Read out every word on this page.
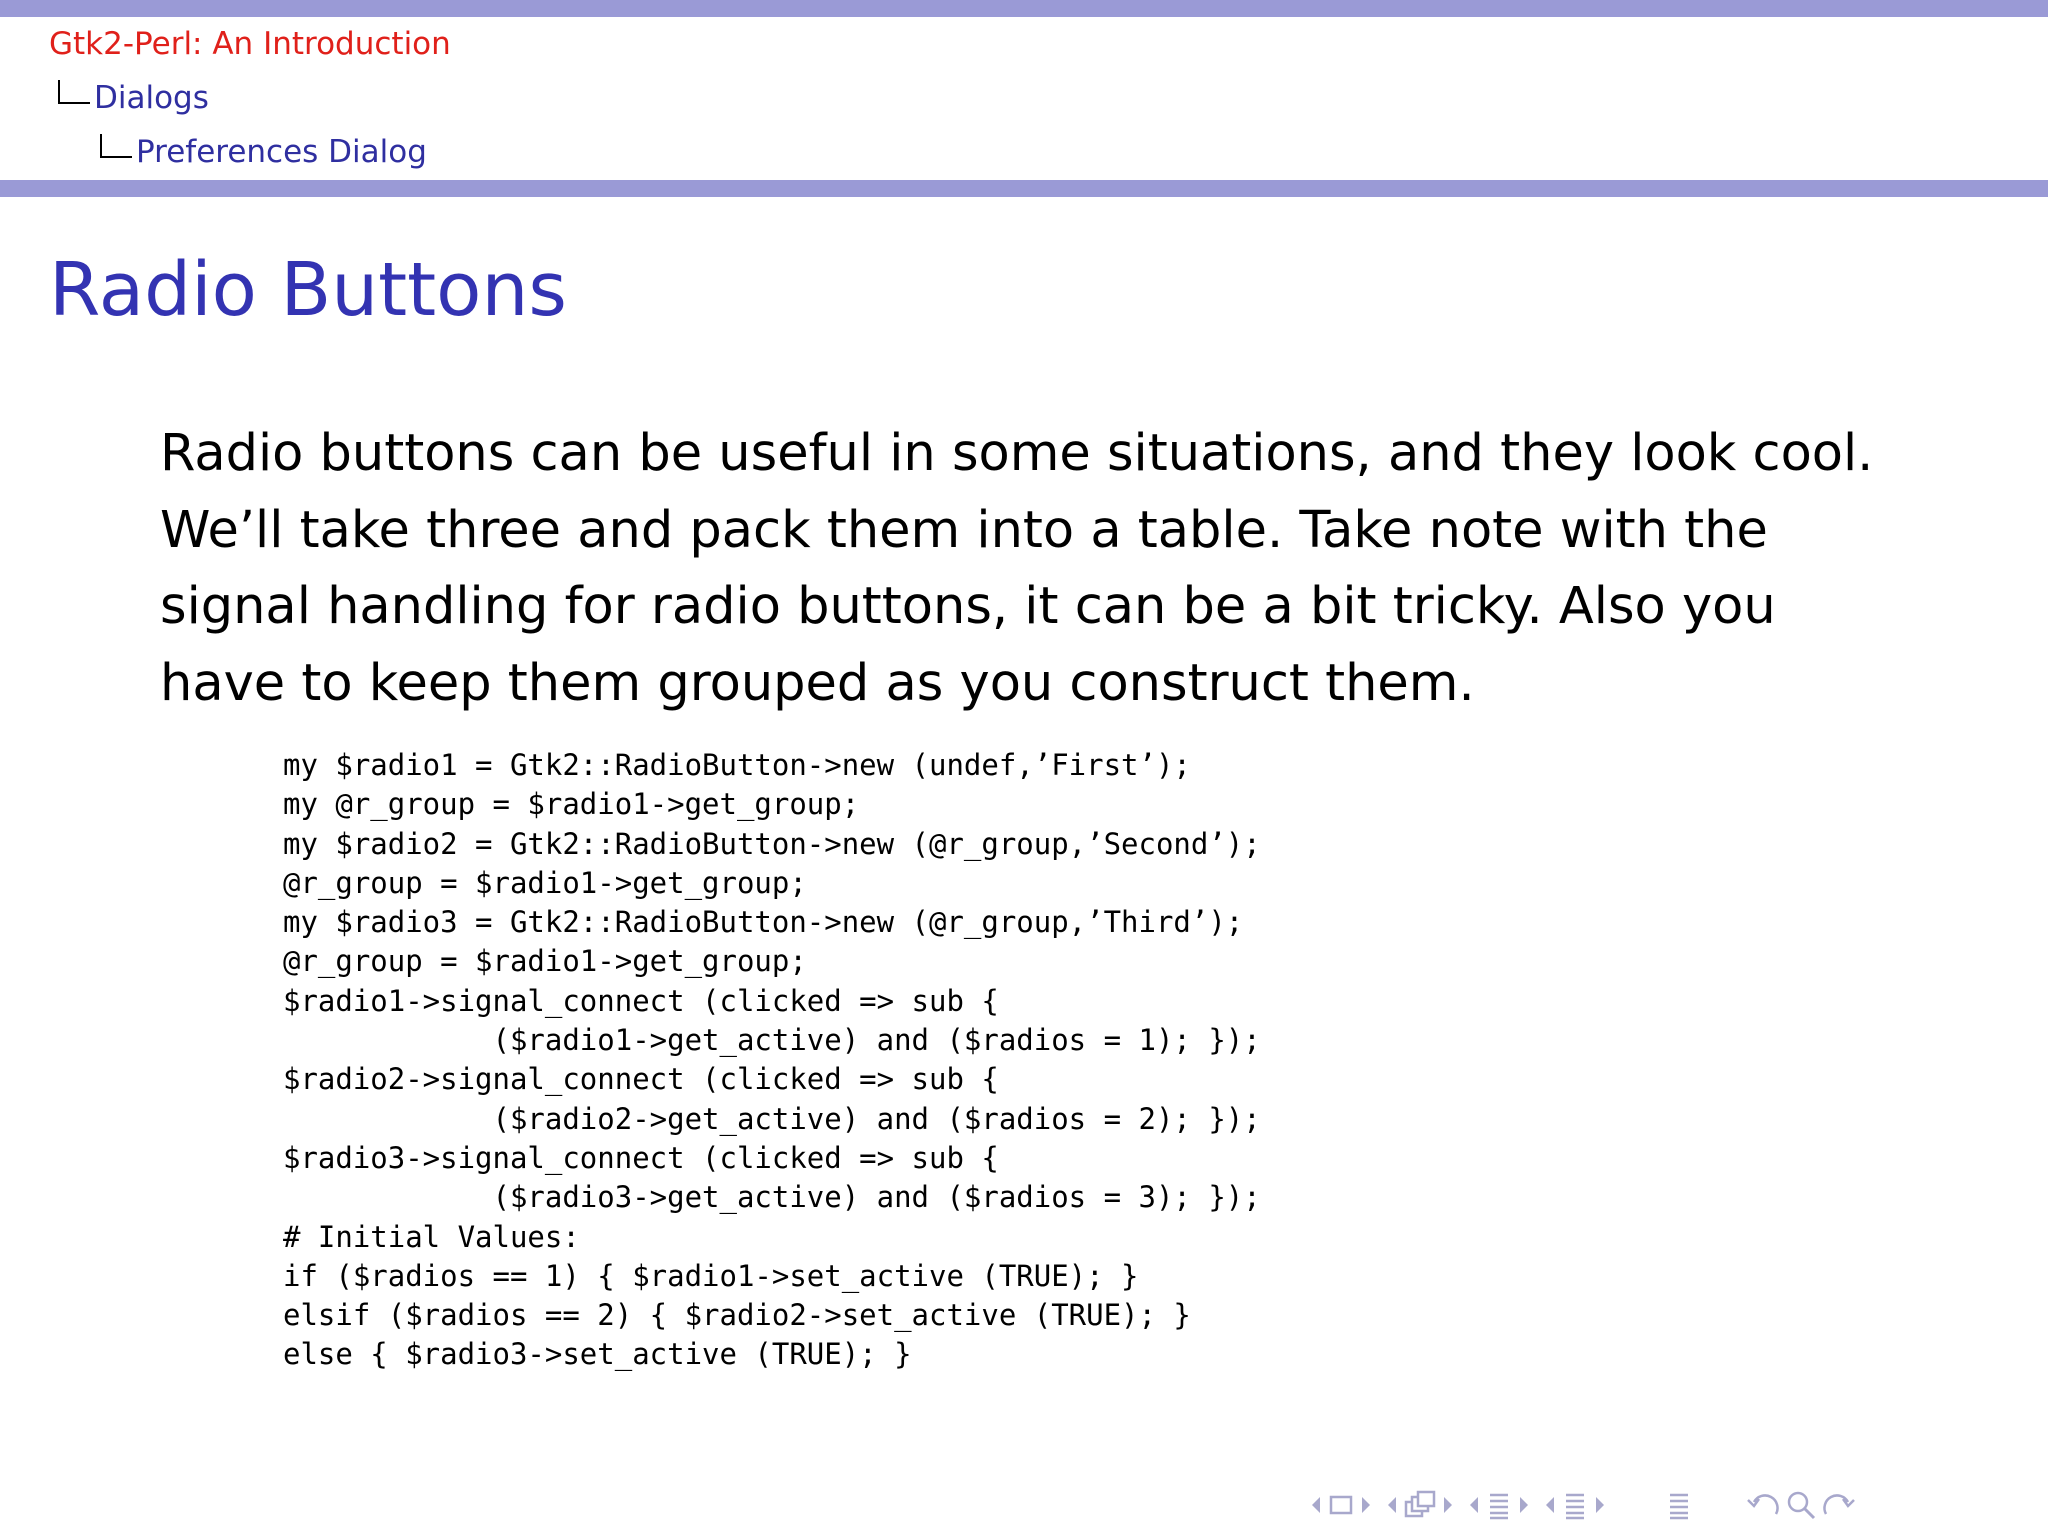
Gtk2-Perl: An Introduction
Dialogs
Preferences Dialog
Radio Buttons
Radio buttons can be useful in some situations, and they look cool.
We’ll take three and pack them into a table. Take note with the
signal handling for radio buttons, it can be a bit tricky. Also you
have to keep them grouped as you construct them.
my $radio1 = Gtk2::RadioButton->new (undef,’First’);
my @r_group = $radio1->get_group;
my $radio2 = Gtk2::RadioButton->new (@r_group,’Second’);
@r_group = $radio1->get_group;
my $radio3 = Gtk2::RadioButton->new (@r_group,’Third’);
@r_group = $radio1->get_group;
$radio1->signal_connect (clicked => sub {
($radio1->get_active) and ($radios = 1); });
$radio2->signal_connect (clicked => sub {
($radio2->get_active) and ($radios = 2); });
$radio3->signal_connect (clicked => sub {
($radio3->get_active) and ($radios = 3); });
# Initial Values:
if ($radios == 1) { $radio1->set_active (TRUE); }
elsif ($radios == 2) { $radio2->set_active (TRUE); }
else { $radio3->set_active (TRUE); }
